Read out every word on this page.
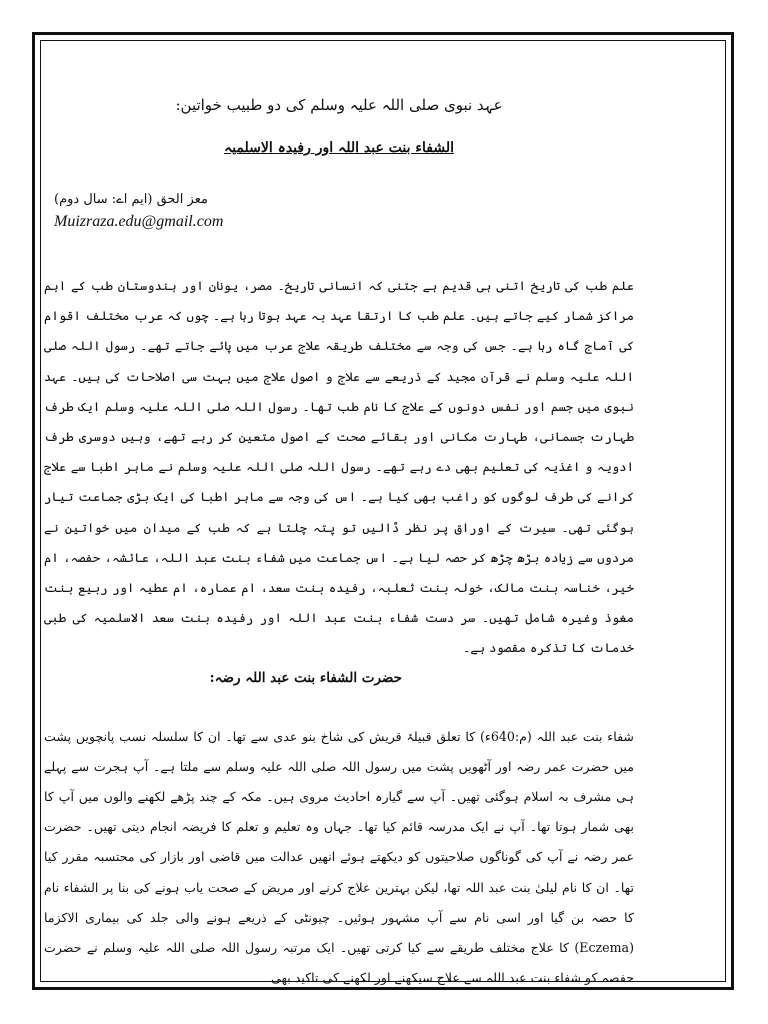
عہد نبوی صلی اللہ علیہ وسلم کی دو طبیب خواتین:
الشفاء بنت عبد اللہ اور رفیدہ الاسلمیہ
معز الحق (ایم اے: سال دوم)
Muizraza.edu@gmail.com
علم طب کی تاریخ اتنی ہی قدیم ہے جتنی کہ انسانی تاریخ۔ مصر، یونان اور ہندوستان طب کے اہم مراکز شمار کیے جاتے ہیں۔ علم طب کا ارتقا عہد بہ عہد ہوتا رہا ہے۔ چوں کہ عرب مختلف اقوام کی آماج گاہ رہا ہے۔ جس کی وجہ سے مختلف طریقہ علاج عرب میں پائے جاتے تھے۔ رسول اللہ صلی اللہ علیہ وسلم نے قرآن مجید کے ذریعے سے علاج و اصول علاج میں بہت سی اصلاحات کی ہیں۔ عہد نبوی میں جسم اور نفس دونوں کے علاج کا نام طب تھا۔ رسول اللہ صلی اللہ علیہ وسلم ایک طرف طہارت جسمانی، طہارت مکانی اور بقائے صحت کے اصول متعین کر رہے تھے، وہیں دوسری طرف ادویہ و اغذیہ کی تعلیم بھی دے رہے تھے۔ رسول اللہ صلی اللہ علیہ وسلم نے ماہر اطبا سے علاج کرانے کی طرف لوگوں کو راغب بھی کیا ہے۔ اس کی وجہ سے ماہر اطبا کی ایک بڑی جماعت تیار ہوگئی تھی۔ سیرت کے اوراق پر نظر ڈالیں تو پتہ چلتا ہے کہ طب کے میدان میں خواتین نے مردوں سے زیادہ بڑھ چڑھ کر حصہ لیا ہے۔ اس جماعت میں شفاء بنت عبد اللہ، عائشہ، حفصہ، ام خیر، خناسہ بنت مالک، خولہ بنت ثعلبہ، رفیدہ بنت سعد، ام عمارہ، ام عطیہ اور ربیع بنت مغوذ وغیرہ شامل تھیں۔ سر دست شفاء بنت عبد اللہ اور رفیدہ بنت سعد الاسلمیہ کی طبی خدمات کا تذکرہ مقصود ہے۔
حضرت الشفاء بنت عبد اللہ رضہ:
شفاء بنت عبد اللہ (م:640ء) کا تعلق قبیلۂ قریش کی شاخ بنو عدی سے تھا۔ ان کا سلسلہ نسب پانچویں پشت میں حضرت عمر رضہ اور آٹھویں پشت میں رسول اللہ صلی اللہ علیہ وسلم سے ملتا ہے۔ آپ ہجرت سے پہلے ہی مشرف بہ اسلام ہوگئی تھیں۔ آپ سے گیارہ احادیث مروی ہیں۔ مکہ کے چند پڑھے لکھنے والوں میں آپ کا بھی شمار ہوتا تھا۔ آپ نے ایک مدرسہ قائم کیا تھا۔ جہاں وہ تعلیم و تعلم کا فریضہ انجام دیتی تھیں۔ حضرت عمر رضہ نے آپ کی گوناگوں صلاحیتوں کو دیکھتے ہوئے انھیں عدالت میں قاضی اور بازار کی محتسبہ مقرر کیا تھا۔ ان کا نام لیلیٰ بنت عبد اللہ تھا، لیکن بہترین علاج کرنے اور مریض کے صحت یاب ہونے کی بنا پر الشفاء نام کا حصہ بن گیا اور اسی نام سے آپ مشہور ہوئیں۔ چیونٹی کے ذریعے ہونے والی جلد کی بیماری الاکزما (Eczema) کا علاج مختلف طریقے سے کیا کرتی تھیں۔ ایک مرتبہ رسول اللہ صلی اللہ علیہ وسلم نے حضرت حفصہ کو شفاء بنت عبد اللہ سے علاج سیکھنے اور لکھنے کی تاکید بھی
